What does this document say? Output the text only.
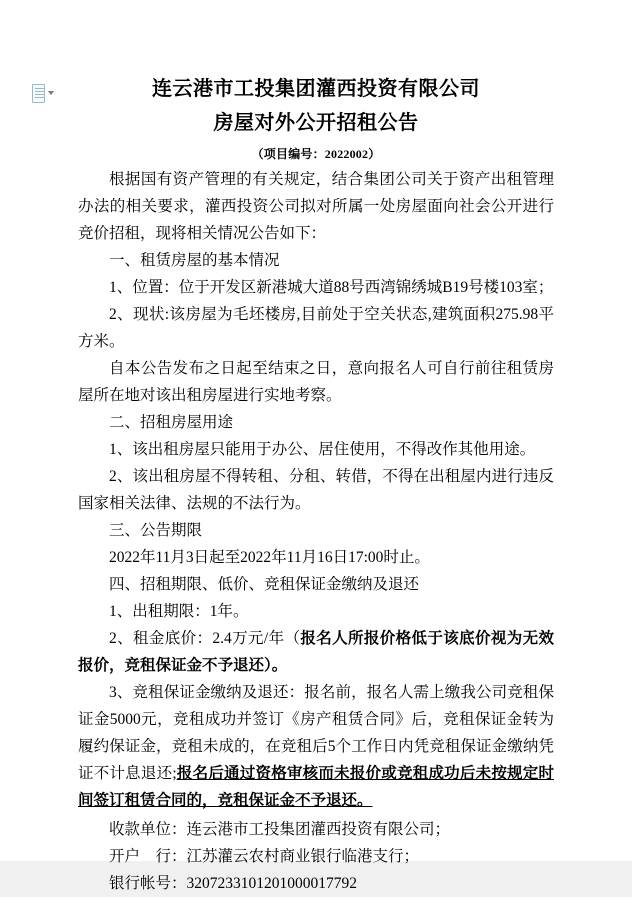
连云港市工投集团灌西投资有限公司
房屋对外公开招租公告
（项目编号：2022002）

根据国有资产管理的有关规定，结合集团公司关于资产出租管理办法的相关要求，灌西投资公司拟对所属一处房屋面向社会公开进行竞价招租，现将相关情况公告如下：

一、租赁房屋的基本情况

1、位置：位于开发区新港城大道88号西湾锦绣城B19号楼103室；

2、现状:该房屋为毛坯楼房,目前处于空关状态,建筑面积275.98平方米。

自本公告发布之日起至结束之日，意向报名人可自行前往租赁房屋所在地对该出租房屋进行实地考察。

二、招租房屋用途

1、该出租房屋只能用于办公、居住使用，不得改作其他用途。

2、该出租房屋不得转租、分租、转借，不得在出租屋内进行违反国家相关法律、法规的不法行为。

三、公告期限

2022年11月3日起至2022年11月16日17:00时止。

四、招租期限、低价、竞租保证金缴纳及退还

1、出租期限：1年。

2、租金底价：2.4万元/年（报名人所报价格低于该底价视为无效报价，竞租保证金不予退还）。

3、竞租保证金缴纳及退还：报名前，报名人需上缴我公司竞租保证金5000元，竞租成功并签订《房产租赁合同》后，竞租保证金转为履约保证金，竞租未成的，在竞租后5个工作日内凭竞租保证金缴纳凭证不计息退还;报名后通过资格审核而未报价或竞租成功后未按规定时间签订租赁合同的，竞租保证金不予退还。

收款单位：连云港市工投集团灌西投资有限公司；
开户    行：江苏灌云农村商业银行临港支行；
银行帐号：3207233101201000017792
